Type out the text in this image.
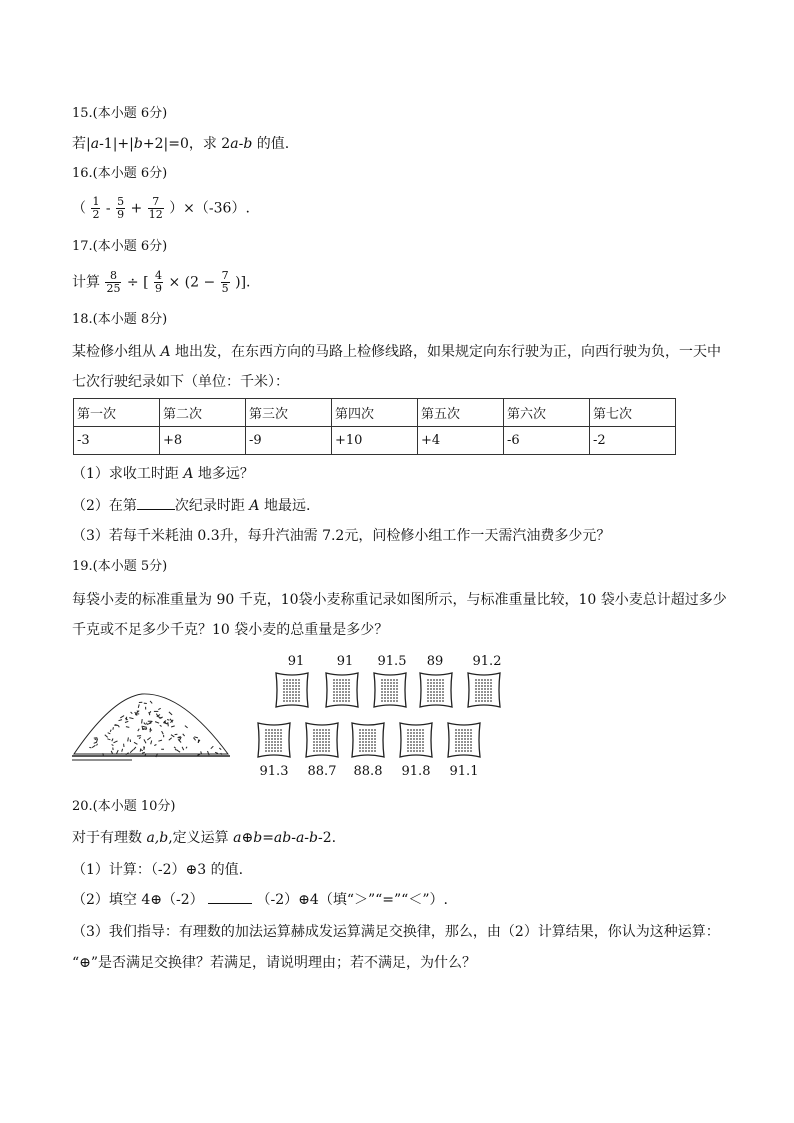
15.(本小题 6分)
若|a-1|+|b+2|=0，求 2a-b 的值.
16.(本小题 6分)
（ $\frac{1}{2} - \frac{5}{9} + \frac{7}{12} )\times(-36)$.
17.(本小题 6分)
计算 $\frac{8}{25}$ ÷ [ $\frac{4}{9} \times (2 - \frac{7}{5}$ )].
18.(本小题 8分)
某检修小组从 A 地出发，在东西方向的马路上检修线路，如果规定向东行驶为正，向西行驶为负，一天中
七次行驶纪录如下（单位：千米）：
第一次	第二次	第三次	第四次	第五次	第六次	第七次
-3	+8	-9	+10	+4	-6	-2
（1）求收工时距 A 地多远？
（2）在第	次纪录时距 A 地最远.
（3）若每千米耗油 0.3升，每升汽油需 7.2元，问检修小组工作一天需汽油费多少元？
19.(本小题 5分)
每袋小麦的标准重量为 90 千克，10袋小麦称重记录如图所示，与标准重量比较，10 袋小麦总计超过多少
千克或不足多少千克？10 袋小麦的总重量是多少？
91	91	91.5	89	91.2
91.3	88.7	88.8	91.8	91.1
20.(本小题 10分)
对于有理数 a,b,定义运算 a⊕b=ab-a-b-2.
（1）计算：（-2）⊕3 的值.
（2）填空 4⊕（-2）	（-2）⊕4（填“＞”“=”“＜”）.
（3）我们指导：有理数的加法运算赫成发运算满足交换律，那么，由（2）计算结果，你认为这种运算：
“⊕”是否满足交换律？若满足，请说明理由；若不满足，为什么？
